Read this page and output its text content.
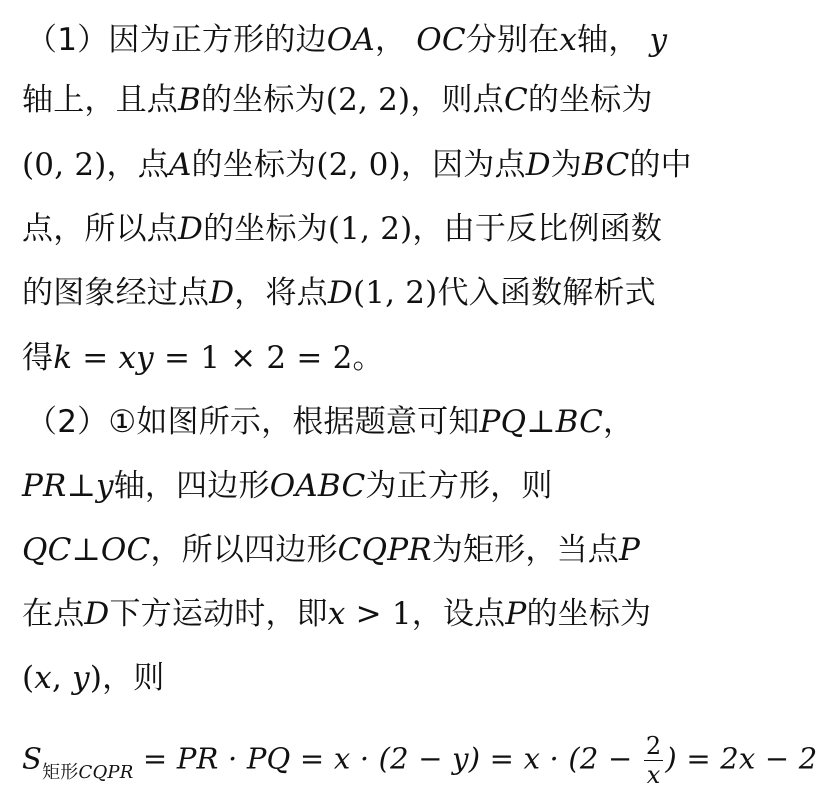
（1）因为正方形的边OA， OC分别在x轴， y
轴上，且点B的坐标为(2, 2)，则点C的坐标为
(0, 2)，点A的坐标为(2, 0)，因为点D为BC的中
点，所以点D的坐标为(1, 2)，由于反比例函数
的图象经过点D，将点D(1, 2)代入函数解析式
得k = xy = 1 × 2 = 2。
（2）①如图所示，根据题意可知PQ⊥BC，
PR⊥y轴，四边形OABC为正方形，则
QC⊥OC，所以四边形CQPR为矩形，当点P
在点D下方运动时，即x > 1，设点P的坐标为
(x, y)，则
$S_{矩形CQPR}$ = PR · PQ = $x \cdot (2 - y) = x \cdot (2 - \frac{2}{x}$ ) = 2x − 2
